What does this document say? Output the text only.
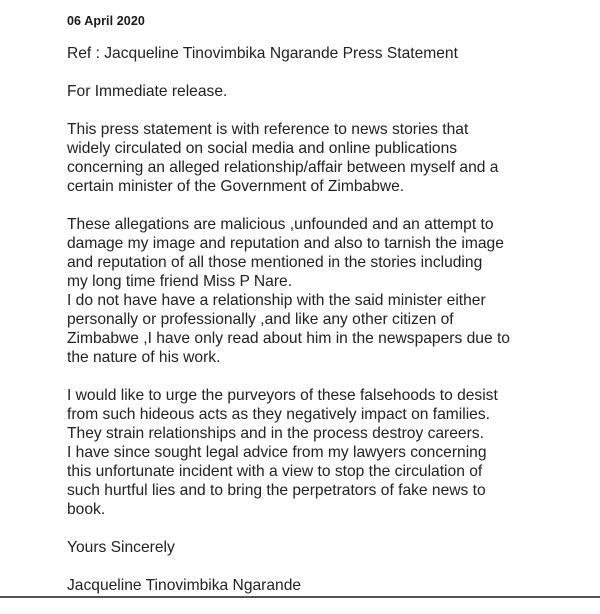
06 April 2020

Ref : Jacqueline Tinovimbika Ngarande Press Statement

For Immediate release.

This press statement is with reference to news stories that
widely circulated on social media and online publications
concerning an alleged relationship/affair between myself and a
certain minister of the Government of Zimbabwe.

These allegations are malicious ,unfounded and an attempt to
damage my image and reputation and also to tarnish the image
and reputation of all those mentioned in the stories including
my long time friend Miss P Nare.

I do not have have a relationship with the said minister either
personally or professionally ,and like any other citizen of
Zimbabwe ,I have only read about him in the newspapers due to
the nature of his work.

I would like to urge the purveyors of these falsehoods to desist
from such hideous acts as they negatively impact on families.
They strain relationships and in the process destroy careers.
I have since sought legal advice from my lawyers concerning
this unfortunate incident with a view to stop the circulation of
such hurtful lies and to bring the perpetrators of fake news to
book.

Yours Sincerely

Jacqueline Tinovimbika Ngarande
